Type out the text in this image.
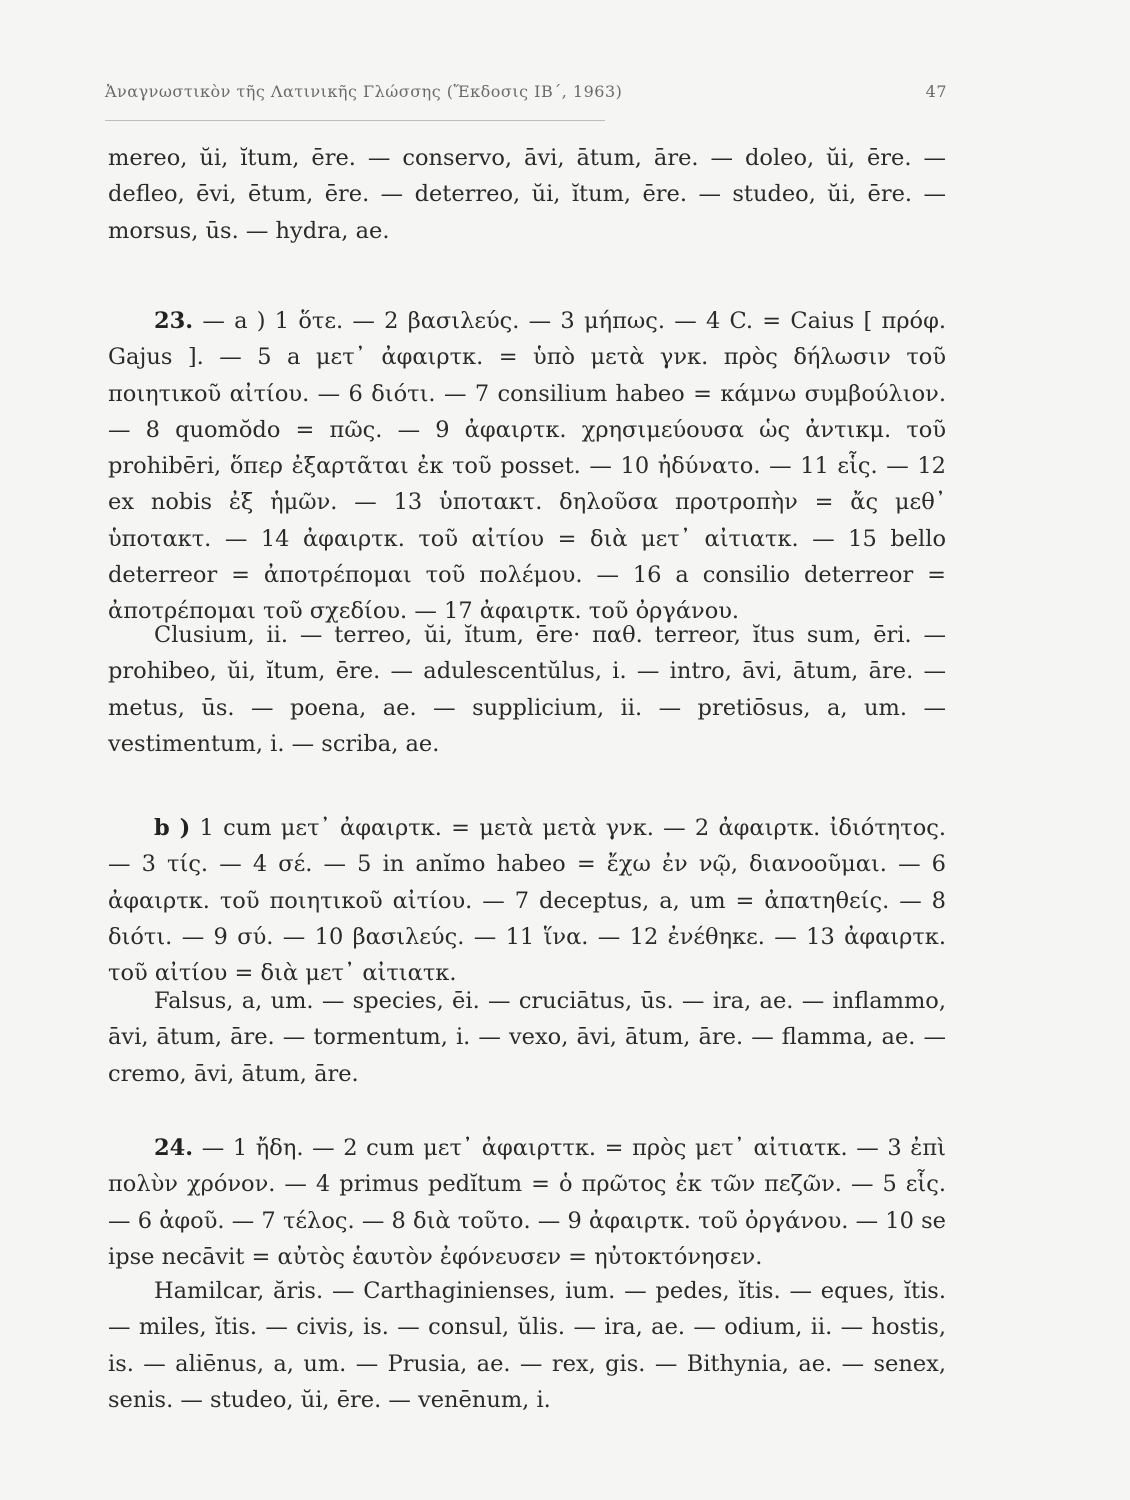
Ἀναγνωστικὸν τῆς Λατινικῆς Γλώσσης (Ἔκδοσις ΙΒ΄, 1963)	47

mereo, ŭi, ĭtum, ēre. — conservo, āvi, ātum, āre. — doleo, ŭi, ēre. — defleo, ēvi, ētum, ēre. — deterreo, ŭi, ĭtum, ēre. — studeo, ŭi, ēre. — morsus, ūs. — hydra, ae.

23. — a ) 1 ὅτε. — 2 βασιλεύς. — 3 μήπως. — 4 C. = Caius [ πρόφ. Gajus ]. — 5 a μετ᾽ ἀφαιρτκ. = ὑπὸ μετὰ γνκ. πρὸς δήλωσιν τοῦ ποιητικοῦ αἰτίου. — 6 διότι. — 7 consilium habeo = κάμνω συμβούλιον. — 8 quomŏdo = πῶς. — 9 ἀφαιρτκ. χρησιμεύουσα ὡς ἀντικμ. τοῦ prohibēri, ὅπερ ἐξαρτᾶται ἐκ τοῦ posset. — 10 ἠδύνατο. — 11 εἷς. — 12 ex nobis ἐξ ἡμῶν. — 13 ὑποτακτ. δηλοῦσα προτροπὴν = ἄς μεθ᾽ ὑποτακτ. — 14 ἀφαιρτκ. τοῦ αἰτίου = διὰ μετ᾽ αἰτιατκ. — 15 bello deterreor = ἀποτρέπομαι τοῦ πολέμου. — 16 a consilio deterreor = ἀποτρέπομαι τοῦ σχεδίου. — 17 ἀφαιρτκ. τοῦ ὀργάνου.

Clusium, ii. — terreo, ŭi, ĭtum, ēre· παθ. terreor, ĭtus sum, ēri. — prohibeo, ŭi, ĭtum, ēre. — adulescentŭlus, i. — intro, āvi, ātum, āre. — metus, ūs. — poena, ae. — supplicium, ii. — pretiōsus, a, um. — vestimentum, i. — scriba, ae.

b ) 1 cum μετ᾽ ἀφαιρτκ. = μετὰ μετὰ γνκ. — 2 ἀφαιρτκ. ἰδιότητος. — 3 τίς. — 4 σέ. — 5 in anĭmo habeo = ἔχω ἐν νῷ, διανοοῦμαι. — 6 ἀφαιρτκ. τοῦ ποιητικοῦ αἰτίου. — 7 deceptus, a, um = ἀπατηθείς. — 8 διότι. — 9 σύ. — 10 βασιλεύς. — 11 ἵνα. — 12 ἐνέθηκε. — 13 ἀφαιρτκ. τοῦ αἰτίου = διὰ μετ᾽ αἰτιατκ.

Falsus, a, um. — species, ēi. — cruciātus, ūs. — ira, ae. — inflammo, āvi, ātum, āre. — tormentum, i. — vexo, āvi, ātum, āre. — flamma, ae. — cremo, āvi, ātum, āre.

24. — 1 ἤδη. — 2 cum μετ᾽ ἀφαιρττκ. = πρὸς μετ᾽ αἰτιατκ. — 3 ἐπὶ πολὺν χρόνον. — 4 primus pedĭtum = ὁ πρῶτος ἐκ τῶν πεζῶν. — 5 εἷς. — 6 ἀφοῦ. — 7 τέλος. — 8 διὰ τοῦτο. — 9 ἀφαιρτκ. τοῦ ὀργάνου. — 10 se ipse necāvit = αὐτὸς ἑαυτὸν ἐφόνευσεν = ηὐτοκτόνησεν.

Hamilcar, ăris. — Carthaginienses, ium. — pedes, ĭtis. — eques, ĭtis. — miles, ĭtis. — civis, is. — consul, ŭlis. — ira, ae. — odium, ii. — hostis, is. — aliēnus, a, um. — Prusia, ae. — rex, gis. — Bithynia, ae. — senex, senis. — studeo, ŭi, ēre. — venēnum, i.
